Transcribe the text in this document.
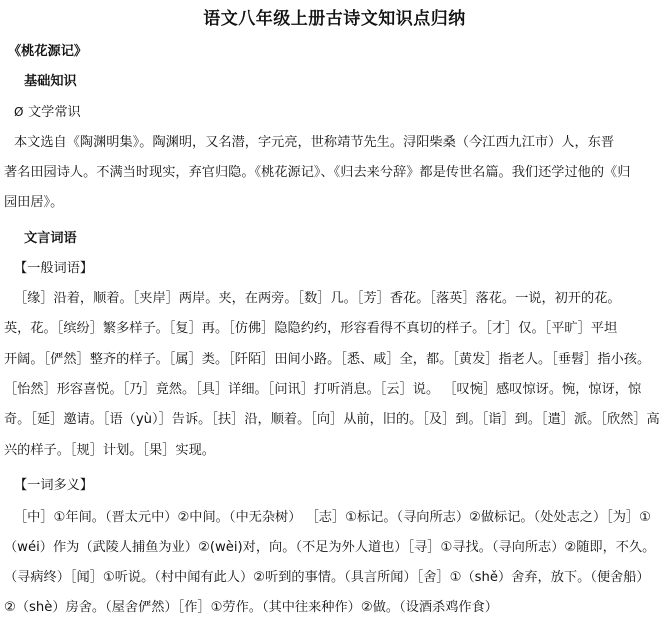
语文八年级上册古诗文知识点归纳
《桃花源记》
基础知识
Ø 文学常识
本文选自《陶渊明集》。陶渊明，又名潜，字元亮，世称靖节先生。浔阳柴桑（今江西九江市）人，东晋
著名田园诗人。不满当时现实，弃官归隐。《桃花源记》、《归去来兮辞》都是传世名篇。我们还学过他的《归
园田居》。
文言词语
【一般词语】
［缘］沿着，顺着。［夹岸］两岸。夹，在两旁。［数］几。［芳］香花。［落英］落花。一说，初开的花。
英，花。［缤纷］繁多样子。［复］再。［仿佛］隐隐约约，形容看得不真切的样子。［才］仅。［平旷］平坦
开阔。［俨然］整齐的样子。［属］类。［阡陌］田间小路。［悉、咸］全，都。［黄发］指老人。［垂髫］指小孩。
［怡然］形容喜悦。［乃］竟然。［具］详细。［问讯］打听消息。［云］说。 ［叹惋］感叹惊讶。惋，惊讶，惊
奇。［延］邀请。［语（yù）］告诉。［扶］沿，顺着。［向］从前，旧的。［及］到。［诣］到。［遣］派。［欣然］高
兴的样子。［规］计划。［果］实现。
【一词多义】
［中］①年间。（晋太元中）②中间。（中无杂树） ［志］①标记。（寻向所志）②做标记。（处处志之）［为］①
（wéi）作为（武陵人捕鱼为业）②(wèi)对，向。（不足为外人道也）［寻］①寻找。（寻向所志）②随即，不久。
（寻病终）［闻］①听说。（村中闻有此人）②听到的事情。（具言所闻）［舍］①（shě）舍弃，放下。（便舍船）
②（shè）房舍。（屋舍俨然）［作］①劳作。（其中往来种作）②做。（设酒杀鸡作食）
